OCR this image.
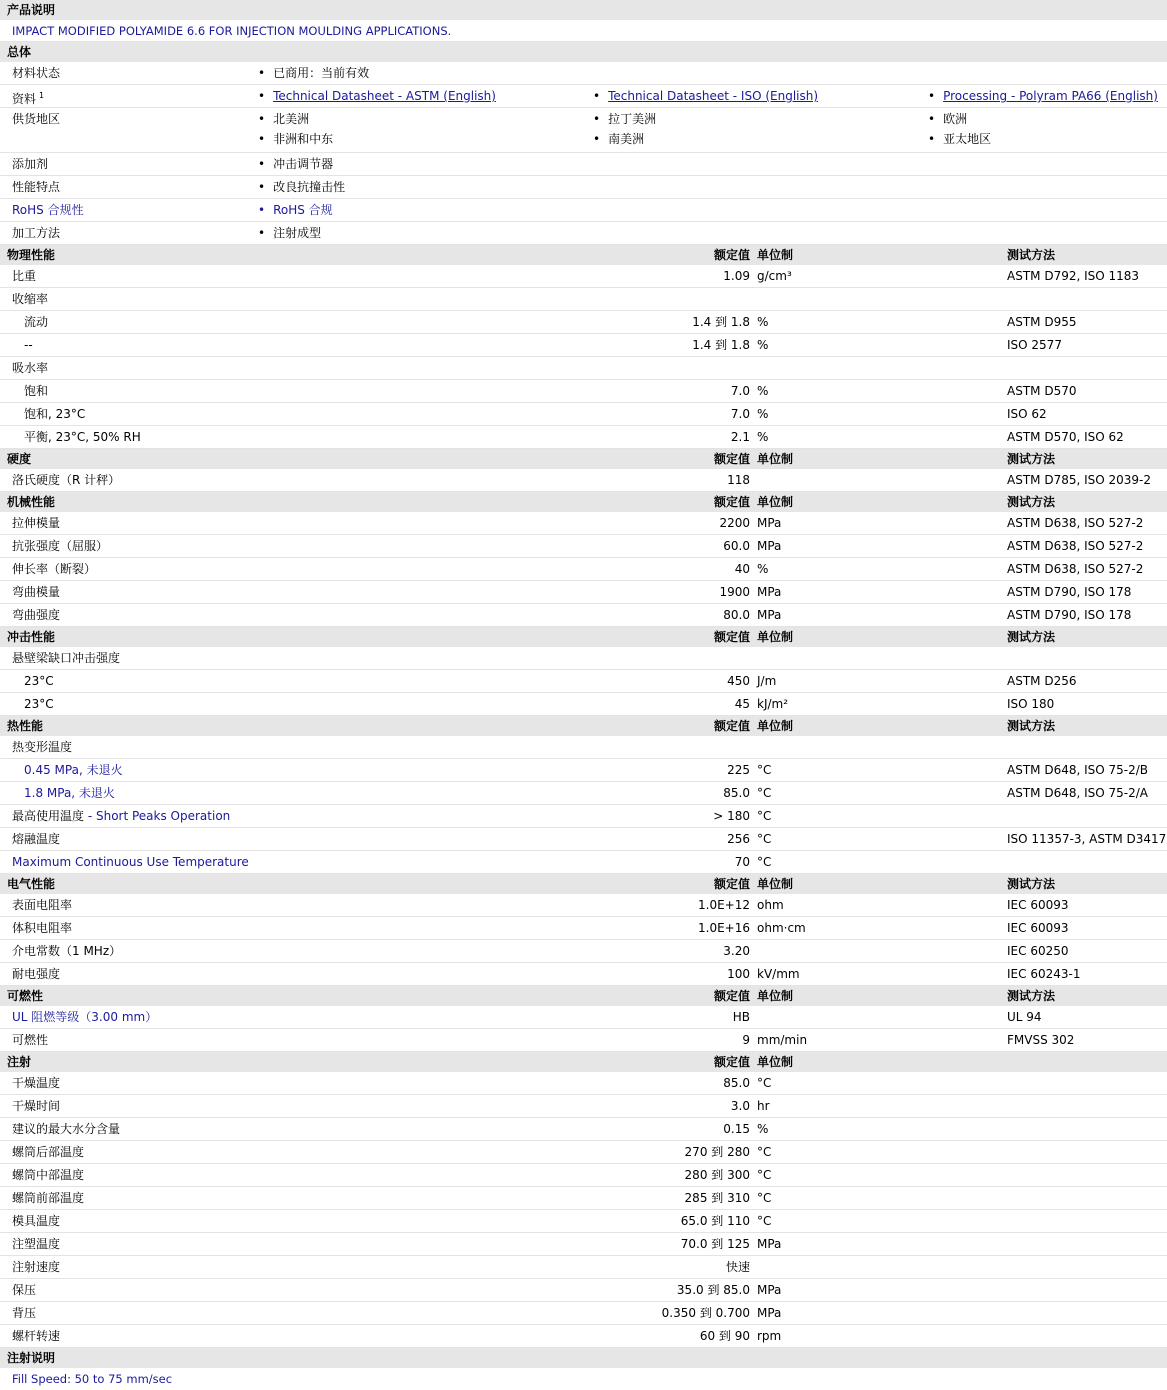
产品说明
IMPACT MODIFIED POLYAMIDE 6.6 FOR INJECTION MOULDING APPLICATIONS.
总体
材料状态	• 已商用：当前有效
资料 $^1$	• Technical Datasheet - ASTM (English)	• Technical Datasheet - ISO (English)	• Processing - Polyram PA66 (English)
供货地区	• 北美洲	• 拉丁美洲	• 欧洲
• 非洲和中东	• 南美洲	• 亚太地区
添加剂	• 冲击调节器
性能特点	• 改良抗撞击性
RoHS 合规性	• RoHS 合规
加工方法	• 注射成型
物理性能	额定值 单位制	测试方法
比重	1.09 g/cm³	ASTM D792, ISO 1183
收缩率
流动	1.4 到 1.8 %	ASTM D955
--	1.4 到 1.8 %	ISO 2577
吸水率
饱和	7.0 %	ASTM D570
饱和, 23°C	7.0 %	ISO 62
平衡, 23°C, 50% RH	2.1 %	ASTM D570, ISO 62
硬度	额定值 单位制	测试方法
洛氏硬度（R 计秤）	118	ASTM D785, ISO 2039-2
机械性能	额定值 单位制	测试方法
拉伸模量	2200 MPa	ASTM D638, ISO 527-2
抗张强度（屈服）	60.0 MPa	ASTM D638, ISO 527-2
伸长率（断裂）	40 %	ASTM D638, ISO 527-2
弯曲模量	1900 MPa	ASTM D790, ISO 178
弯曲强度	80.0 MPa	ASTM D790, ISO 178
冲击性能	额定值 单位制	测试方法
悬壁梁缺口冲击强度
23°C	450 J/m	ASTM D256
23°C	45 kJ/m²	ISO 180
热性能	额定值 单位制	测试方法
热变形温度
0.45 MPa, 未退火	225 °C	ASTM D648, ISO 75-2/B
1.8 MPa, 未退火	85.0 °C	ASTM D648, ISO 75-2/A
最高使用温度 - Short Peaks Operation	> 180 °C
熔融温度	256 °C	ISO 11357-3, ASTM D3417
Maximum Continuous Use Temperature	70 °C
电气性能	额定值 单位制	测试方法
表面电阻率	1.0E+12 ohm	IEC 60093
体积电阻率	1.0E+16 ohm·cm	IEC 60093
介电常数（1 MHz）	3.20	IEC 60250
耐电强度	100 kV/mm	IEC 60243-1
可燃性	额定值 单位制	测试方法
UL 阻燃等级（3.00 mm）	HB	UL 94
可燃性	9 mm/min	FMVSS 302
注射	额定值 单位制
干燥温度	85.0 °C
干燥时间	3.0 hr
建议的最大水分含量	0.15 %
螺筒后部温度	270 到 280 °C
螺筒中部温度	280 到 300 °C
螺筒前部温度	285 到 310 °C
模具温度	65.0 到 110 °C
注塑温度	70.0 到 125 MPa
注射速度	快速
保压	35.0 到 85.0 MPa
背压	0.350 到 0.700 MPa
螺杆转速	60 到 90 rpm
注射说明
Fill Speed: 50 to 75 mm/sec
